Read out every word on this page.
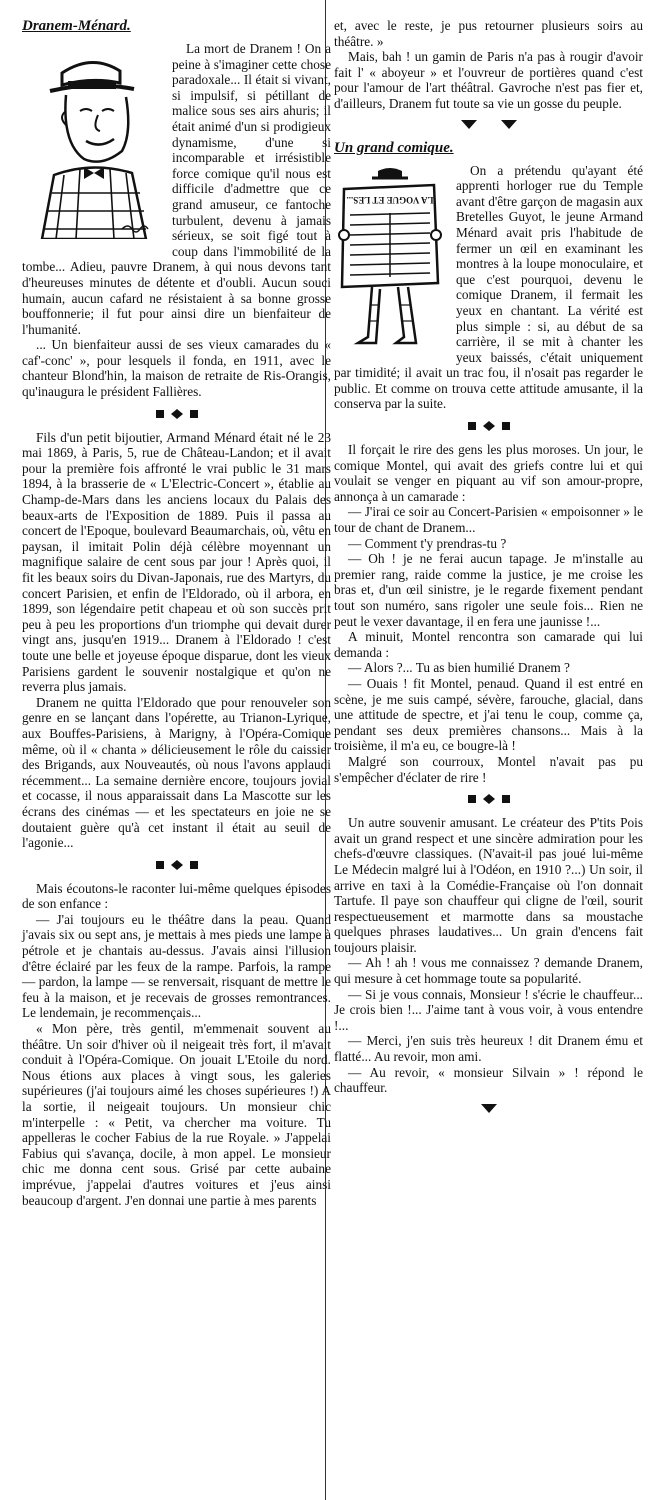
Dranem-Ménard.

La mort de Dranem ! On a peine à s'imaginer cette chose paradoxale... Il était si vivant, si impulsif, si pétillant de malice sous ses airs ahuris; il était animé d'un si prodigieux dynamisme, d'une si incomparable et irrésistible force comique qu'il nous est difficile d'admettre que ce grand amuseur, ce fantoche turbulent, devenu à jamais sérieux, se soit figé tout à coup dans l'immobilité de la tombe... Adieu, pauvre Dranem, à qui nous devons tant d'heureuses minutes de détente et d'oubli. Aucun souci humain, aucun cafard ne résistaient à sa bonne grosse bouffonnerie; il fut pour ainsi dire un bienfaiteur de l'humanité.

... Un bienfaiteur aussi de ses vieux camarades du « caf'-conc' », pour lesquels il fonda, en 1911, avec le chanteur Blond'hin, la maison de retraite de Ris-Orangis, qu'inaugura le président Fallières.

Fils d'un petit bijoutier, Armand Ménard était né le 23 mai 1869, à Paris, 5, rue de Château-Landon; et il avait pour la première fois affronté le vrai public le 31 mars 1894, à la brasserie de « L'Electric-Concert », établie au Champ-de-Mars dans les anciens locaux du Palais des beaux-arts de l'Exposition de 1889. Puis il passa au concert de l'Epoque, boulevard Beaumarchais, où, vêtu en paysan, il imitait Polin déjà célèbre moyennant un magnifique salaire de cent sous par jour ! Après quoi, il fit les beaux soirs du Divan-Japonais, rue des Martyrs, du concert Parisien, et enfin de l'Eldorado, où il arbora, en 1899, son légendaire petit chapeau et où son succès prit peu à peu les proportions d'un triomphe qui devait durer vingt ans, jusqu'en 1919... Dranem à l'Eldorado ! c'est toute une belle et joyeuse époque disparue, dont les vieux Parisiens gardent le souvenir nostalgique et qu'on ne reverra plus jamais.

Dranem ne quitta l'Eldorado que pour renouveler son genre en se lançant dans l'opérette, au Trianon-Lyrique, aux Bouffes-Parisiens, à Marigny, à l'Opéra-Comique même, où il « chanta » délicieusement le rôle du caissier des Brigands, aux Nouveautés, où nous l'avons applaudi récemment... La semaine dernière encore, toujours jovial et cocasse, il nous apparaissait dans La Mascotte sur les écrans des cinémas — et les spectateurs en joie ne se doutaient guère qu'à cet instant il était au seuil de l'agonie...

Mais écoutons-le raconter lui-même quelques épisodes de son enfance :

— J'ai toujours eu le théâtre dans la peau. Quand j'avais six ou sept ans, je mettais à mes pieds une lampe à pétrole et je chantais au-dessus. J'avais ainsi l'illusion d'être éclairé par les feux de la rampe. Parfois, la rampe — pardon, la lampe — se renversait, risquant de mettre le feu à la maison, et je recevais de grosses remontrances. Le lendemain, je recommençais...

« Mon père, très gentil, m'emmenait souvent au théâtre. Un soir d'hiver où il neigeait très fort, il m'avait conduit à l'Opéra-Comique. On jouait L'Etoile du nord. Nous étions aux places à vingt sous, les galeries supérieures (j'ai toujours aimé les choses supérieures !) A la sortie, il neigeait toujours. Un monsieur chic m'interpelle : « Petit, va chercher ma voiture. Tu appelleras le cocher Fabius de la rue Royale. » J'appelai Fabius qui s'avança, docile, à mon appel. Le monsieur chic me donna cent sous. Grisé par cette aubaine imprévue, j'appelai d'autres voitures et j'eus ainsi beaucoup d'argent. J'en donnai une partie à mes parents

et, avec le reste, je pus retourner plusieurs soirs au théâtre. »

Mais, bah ! un gamin de Paris n'a pas à rougir d'avoir fait l' « aboyeur » et l'ouvreur de portières quand c'est pour l'amour de l'art théâtral. Gavroche n'est pas fier et, d'ailleurs, Dranem fut toute sa vie un gosse du peuple.

Un grand comique.
LA VOGUE ET LES...

On a prétendu qu'ayant été apprenti horloger rue du Temple avant d'être garçon de magasin aux Bretelles Guyot, le jeune Armand Ménard avait pris l'habitude de fermer un œil en examinant les montres à la loupe monoculaire, et que c'est pourquoi, devenu le comique Dranem, il fermait les yeux en chantant. La vérité est plus simple : si, au début de sa carrière, il se mit à chanter les yeux baissés, c'était uniquement par timidité; il avait un trac fou, il n'osait pas regarder le public. Et comme on trouva cette attitude amusante, il la conserva par la suite.

Il forçait le rire des gens les plus moroses. Un jour, le comique Montel, qui avait des griefs contre lui et qui voulait se venger en piquant au vif son amour-propre, annonça à un camarade :

— J'irai ce soir au Concert-Parisien « empoisonner » le tour de chant de Dranem...

— Comment t'y prendras-tu ?

— Oh ! je ne ferai aucun tapage. Je m'installe au premier rang, raide comme la justice, je me croise les bras et, d'un œil sinistre, je le regarde fixement pendant tout son numéro, sans rigoler une seule fois... Rien ne peut le vexer davantage, il en fera une jaunisse !...

A minuit, Montel rencontra son camarade qui lui demanda :

— Alors ?... Tu as bien humilié Dranem ?

— Ouais ! fit Montel, penaud. Quand il est entré en scène, je me suis campé, sévère, farouche, glacial, dans une attitude de spectre, et j'ai tenu le coup, comme ça, pendant ses deux premières chansons... Mais à la troisième, il m'a eu, ce bougre-là !

Malgré son courroux, Montel n'avait pas pu s'empêcher d'éclater de rire !

Un autre souvenir amusant. Le créateur des P'tits Pois avait un grand respect et une sincère admiration pour les chefs-d'œuvre classiques. (N'avait-il pas joué lui-même Le Médecin malgré lui à l'Odéon, en 1910 ?...) Un soir, il arrive en taxi à la Comédie-Française où l'on donnait Tartufe. Il paye son chauffeur qui cligne de l'œil, sourit respectueusement et marmotte dans sa moustache quelques phrases laudatives... Un grain d'encens fait toujours plaisir.

— Ah ! ah ! vous me connaissez ? demande Dranem, qui mesure à cet hommage toute sa popularité.

— Si je vous connais, Monsieur ! s'écrie le chauffeur... Je crois bien !... J'aime tant à vous voir, à vous entendre !...

— Merci, j'en suis très heureux ! dit Dranem ému et flatté... Au revoir, mon ami.

— Au revoir, « monsieur Silvain » ! répond le chauffeur.
